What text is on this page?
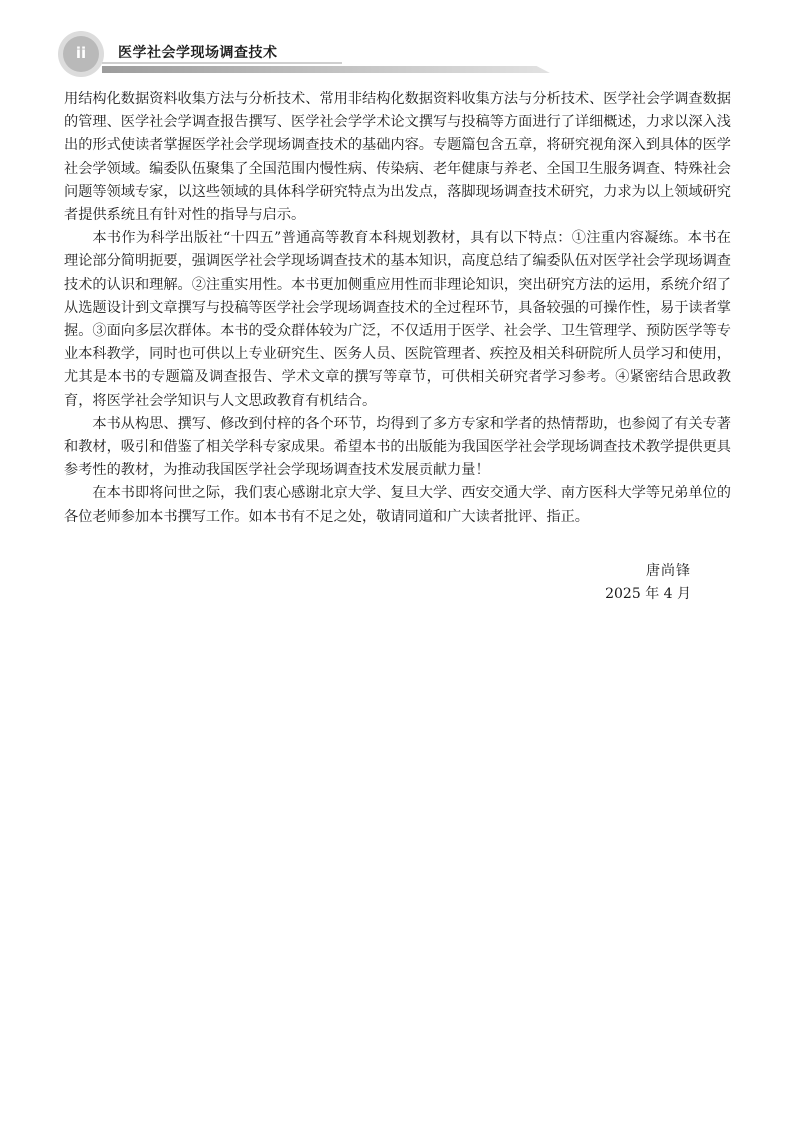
ii	医学社会学现场调查技术

用结构化数据资料收集方法与分析技术、常用非结构化数据资料收集方法与分析技术、医学社会学调查数据的管理、医学社会学调查报告撰写、医学社会学学术论文撰写与投稿等方面进行了详细概述，力求以深入浅出的形式使读者掌握医学社会学现场调查技术的基础内容。专题篇包含五章，将研究视角深入到具体的医学社会学领域。编委队伍聚集了全国范围内慢性病、传染病、老年健康与养老、全国卫生服务调查、特殊社会问题等领域专家，以这些领域的具体科学研究特点为出发点，落脚现场调查技术研究，力求为以上领域研究者提供系统且有针对性的指导与启示。

本书作为科学出版社“十四五”普通高等教育本科规划教材，具有以下特点：①注重内容凝练。本书在理论部分简明扼要，强调医学社会学现场调查技术的基本知识，高度总结了编委队伍对医学社会学现场调查技术的认识和理解。②注重实用性。本书更加侧重应用性而非理论知识，突出研究方法的运用，系统介绍了从选题设计到文章撰写与投稿等医学社会学现场调查技术的全过程环节，具备较强的可操作性，易于读者掌握。③面向多层次群体。本书的受众群体较为广泛，不仅适用于医学、社会学、卫生管理学、预防医学等专业本科教学，同时也可供以上专业研究生、医务人员、医院管理者、疾控及相关科研院所人员学习和使用，尤其是本书的专题篇及调查报告、学术文章的撰写等章节，可供相关研究者学习参考。④紧密结合思政教育，将医学社会学知识与人文思政教育有机结合。

本书从构思、撰写、修改到付梓的各个环节，均得到了多方专家和学者的热情帮助，也参阅了有关专著和教材，吸引和借鉴了相关学科专家成果。希望本书的出版能为我国医学社会学现场调查技术教学提供更具参考性的教材，为推动我国医学社会学现场调查技术发展贡献力量！

在本书即将问世之际，我们衷心感谢北京大学、复旦大学、西安交通大学、南方医科大学等兄弟单位的各位老师参加本书撰写工作。如本书有不足之处，敬请同道和广大读者批评、指正。

唐尚锋
2025 年 4 月
